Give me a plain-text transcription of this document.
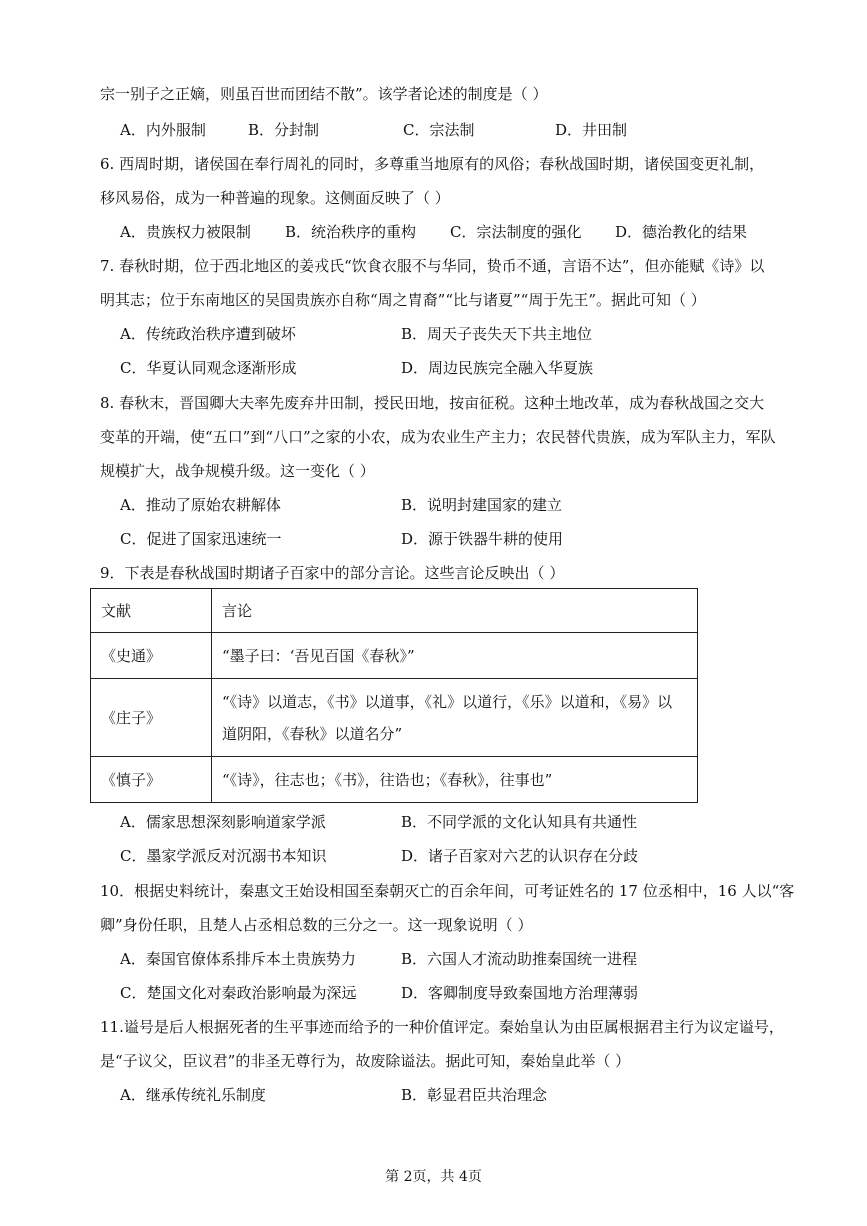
宗一别子之正嫡，则虽百世而团结不散”。该学者论述的制度是（ ）
A．内外服制	B．分封制	C．宗法制	D．井田制
6. 西周时期，诸侯国在奉行周礼的同时，多尊重当地原有的风俗；春秋战国时期，诸侯国变更礼制，
移风易俗，成为一种普遍的现象。这侧面反映了（ ）
A．贵族权力被限制 B．统治秩序的重构 C．宗法制度的强化 D．德治教化的结果
7. 春秋时期，位于西北地区的姜戎氏“饮食衣服不与华同，贽币不通，言语不达”，但亦能赋《诗》以
明其志；位于东南地区的吴国贵族亦自称“周之胄裔”“比与诸夏”“周于先王”。据此可知（ ）
A．传统政治秩序遭到破坏	B．周天子丧失天下共主地位
C．华夏认同观念逐渐形成	D．周边民族完全融入华夏族
8. 春秋末，晋国卿大夫率先废弃井田制，授民田地，按亩征税。这种土地改革，成为春秋战国之交大
变革的开端，使“五口”到“八口”之家的小农，成为农业生产主力；农民替代贵族，成为军队主力，军队
规模扩大，战争规模升级。这一变化（ ）
A．推动了原始农耕解体	B．说明封建国家的建立
C．促进了国家迅速统一	D．源于铁器牛耕的使用
9．下表是春秋战国时期诸子百家中的部分言论。这些言论反映出（ ）
文献	言论
《史通》	“墨子曰：‘吾见百国《春秋》”
《庄子》	“《诗》以道志，《书》以道事，《礼》以道行，《乐》以道和，《易》以
道阴阳，《春秋》以道名分”

《慎子》	“《诗》，往志也；《书》，往诰也；《春秋》，往事也”
A．儒家思想深刻影响道家学派	B．不同学派的文化认知具有共通性
C．墨家学派反对沉溺书本知识	D．诸子百家对六艺的认识存在分歧
10．根据史料统计，秦惠文王始设相国至秦朝灭亡的百余年间，可考证姓名的 17 位丞相中，16 人以“客
卿”身份任职，且楚人占丞相总数的三分之一。这一现象说明（ ）
A．秦国官僚体系排斥本土贵族势力	B．六国人才流动助推秦国统一进程
C．楚国文化对秦政治影响最为深远	D．客卿制度导致秦国地方治理薄弱
11.谥号是后人根据死者的生平事迹而给予的一种价值评定。秦始皇认为由臣属根据君主行为议定谥号，
是“子议父，臣议君”的非圣无尊行为，故废除谥法。据此可知，秦始皇此举（ ）
A．继承传统礼乐制度	B．彰显君臣共治理念
第 2页，共 4页
